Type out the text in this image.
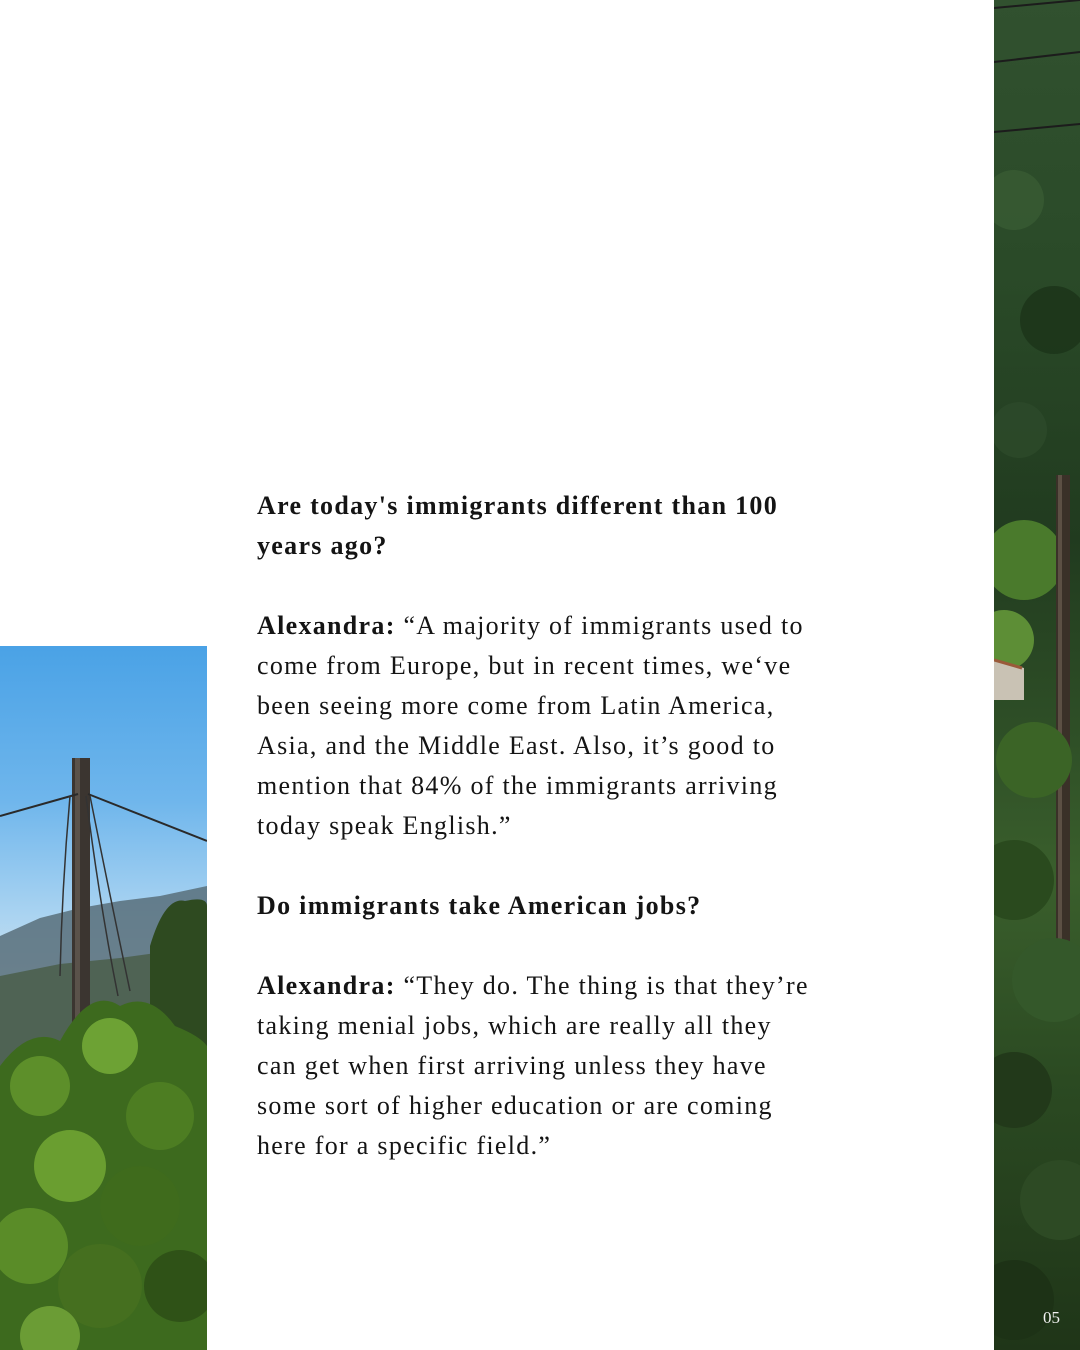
05

Are today's immigrants different than 100 years ago?

Alexandra: “A majority of immigrants used to come from Europe, but in recent times, we‘ve been seeing more come from Latin America, Asia, and the Middle East. Also, it’s good to mention that 84% of the immigrants arriving today speak English.”

Do immigrants take American jobs?

Alexandra: “They do. The thing is that they’re taking menial jobs, which are really all they can get when first arriving unless they have some sort of higher education or are coming here for a specific field.”
